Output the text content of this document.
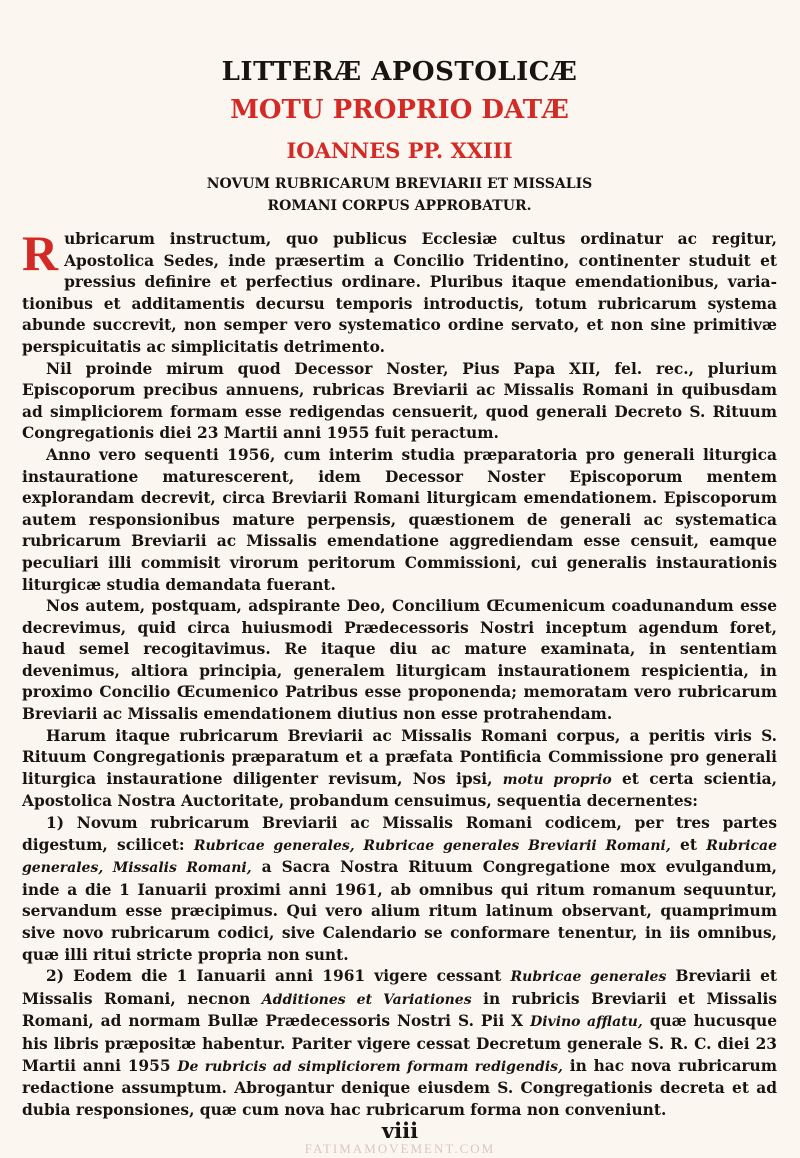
LITTERÆ APOSTOLICÆ
MOTU PROPRIO DATÆ
IOANNES PP. XXIII
NOVUM RUBRICARUM BREVIARII ET MISSALIS
ROMANI CORPUS APPROBATUR.

Rubricarum instructum, quo publicus Ecclesiæ cultus ordinatur ac regitur, Apostolica Sedes, inde præsertim a Concilio Tridentino, continenter studuit et pressius definire et perfectius ordinare. Pluribus itaque emendationibus, variationibus et additamentis decursu temporis introductis, totum rubricarum systema abunde succrevit, non semper vero systematico ordine servato, et non sine primitivæ perspicuitatis ac simplicitatis detrimento.

Nil proinde mirum quod Decessor Noster, Pius Papa XII, fel. rec., plurium Episcoporum precibus annuens, rubricas Breviarii ac Missalis Romani in quibusdam ad simpliciorem formam esse redigendas censuerit, quod generali Decreto S. Rituum Congregationis diei 23 Martii anni 1955 fuit peractum.

Anno vero sequenti 1956, cum interim studia præparatoria pro generali liturgica instauratione maturescerent, idem Decessor Noster Episcoporum mentem explorandam decrevit, circa Breviarii Romani liturgicam emendationem. Episcoporum autem responsionibus mature perpensis, quæstionem de generali ac systematica rubricarum Breviarii ac Missalis emendatione aggrediendam esse censuit, eamque peculiari illi commisit virorum peritorum Commissioni, cui generalis instaurationis liturgicæ studia demandata fuerant.

Nos autem, postquam, adspirante Deo, Concilium Œcumenicum coadunandum esse decrevimus, quid circa huiusmodi Prædecessoris Nostri inceptum agendum foret, haud semel recogitavimus. Re itaque diu ac mature examinata, in sententiam devenimus, altiora principia, generalem liturgicam instaurationem respicientia, in proximo Concilio Œcumenico Patribus esse proponenda; memoratam vero rubricarum Breviarii ac Missalis emendationem diutius non esse protrahendam.

Harum itaque rubricarum Breviarii ac Missalis Romani corpus, a peritis viris S. Rituum Congregationis præparatum et a præfata Pontificia Commissione pro generali liturgica instauratione diligenter revisum, Nos ipsi, motu proprio et certa scientia, Apostolica Nostra Auctoritate, probandum censuimus, sequentia decernentes:

1) Novum rubricarum Breviarii ac Missalis Romani codicem, per tres partes digestum, scilicet: Rubricae generales, Rubricae generales Breviarii Romani, et Rubricae generales, Missalis Romani, a Sacra Nostra Rituum Congregatione mox evulgandum, inde a die 1 Ianuarii proximi anni 1961, ab omnibus qui ritum romanum sequuntur, servandum esse præcipimus. Qui vero alium ritum latinum observant, quamprimum sive novo rubricarum codici, sive Calendario se conformare tenentur, in iis omnibus, quæ illi ritui stricte propria non sunt.

2) Eodem die 1 Ianuarii anni 1961 vigere cessant Rubricae generales Breviarii et Missalis Romani, necnon Additiones et Variationes in rubricis Breviarii et Missalis Romani, ad normam Bullæ Prædecessoris Nostri S. Pii X Divino afflatu, quæ hucusque his libris præpositæ habentur. Pariter vigere cessat Decretum generale S. R. C. diei 23 Martii anni 1955 De rubricis ad simpliciorem formam redigendis, in hac nova rubricarum redactione assumptum. Abrogantur denique eiusdem S. Congregationis decreta et ad dubia responsiones, quæ cum nova hac rubricarum forma non conveniunt.

viii
FATIMAMOVEMENT.COM
